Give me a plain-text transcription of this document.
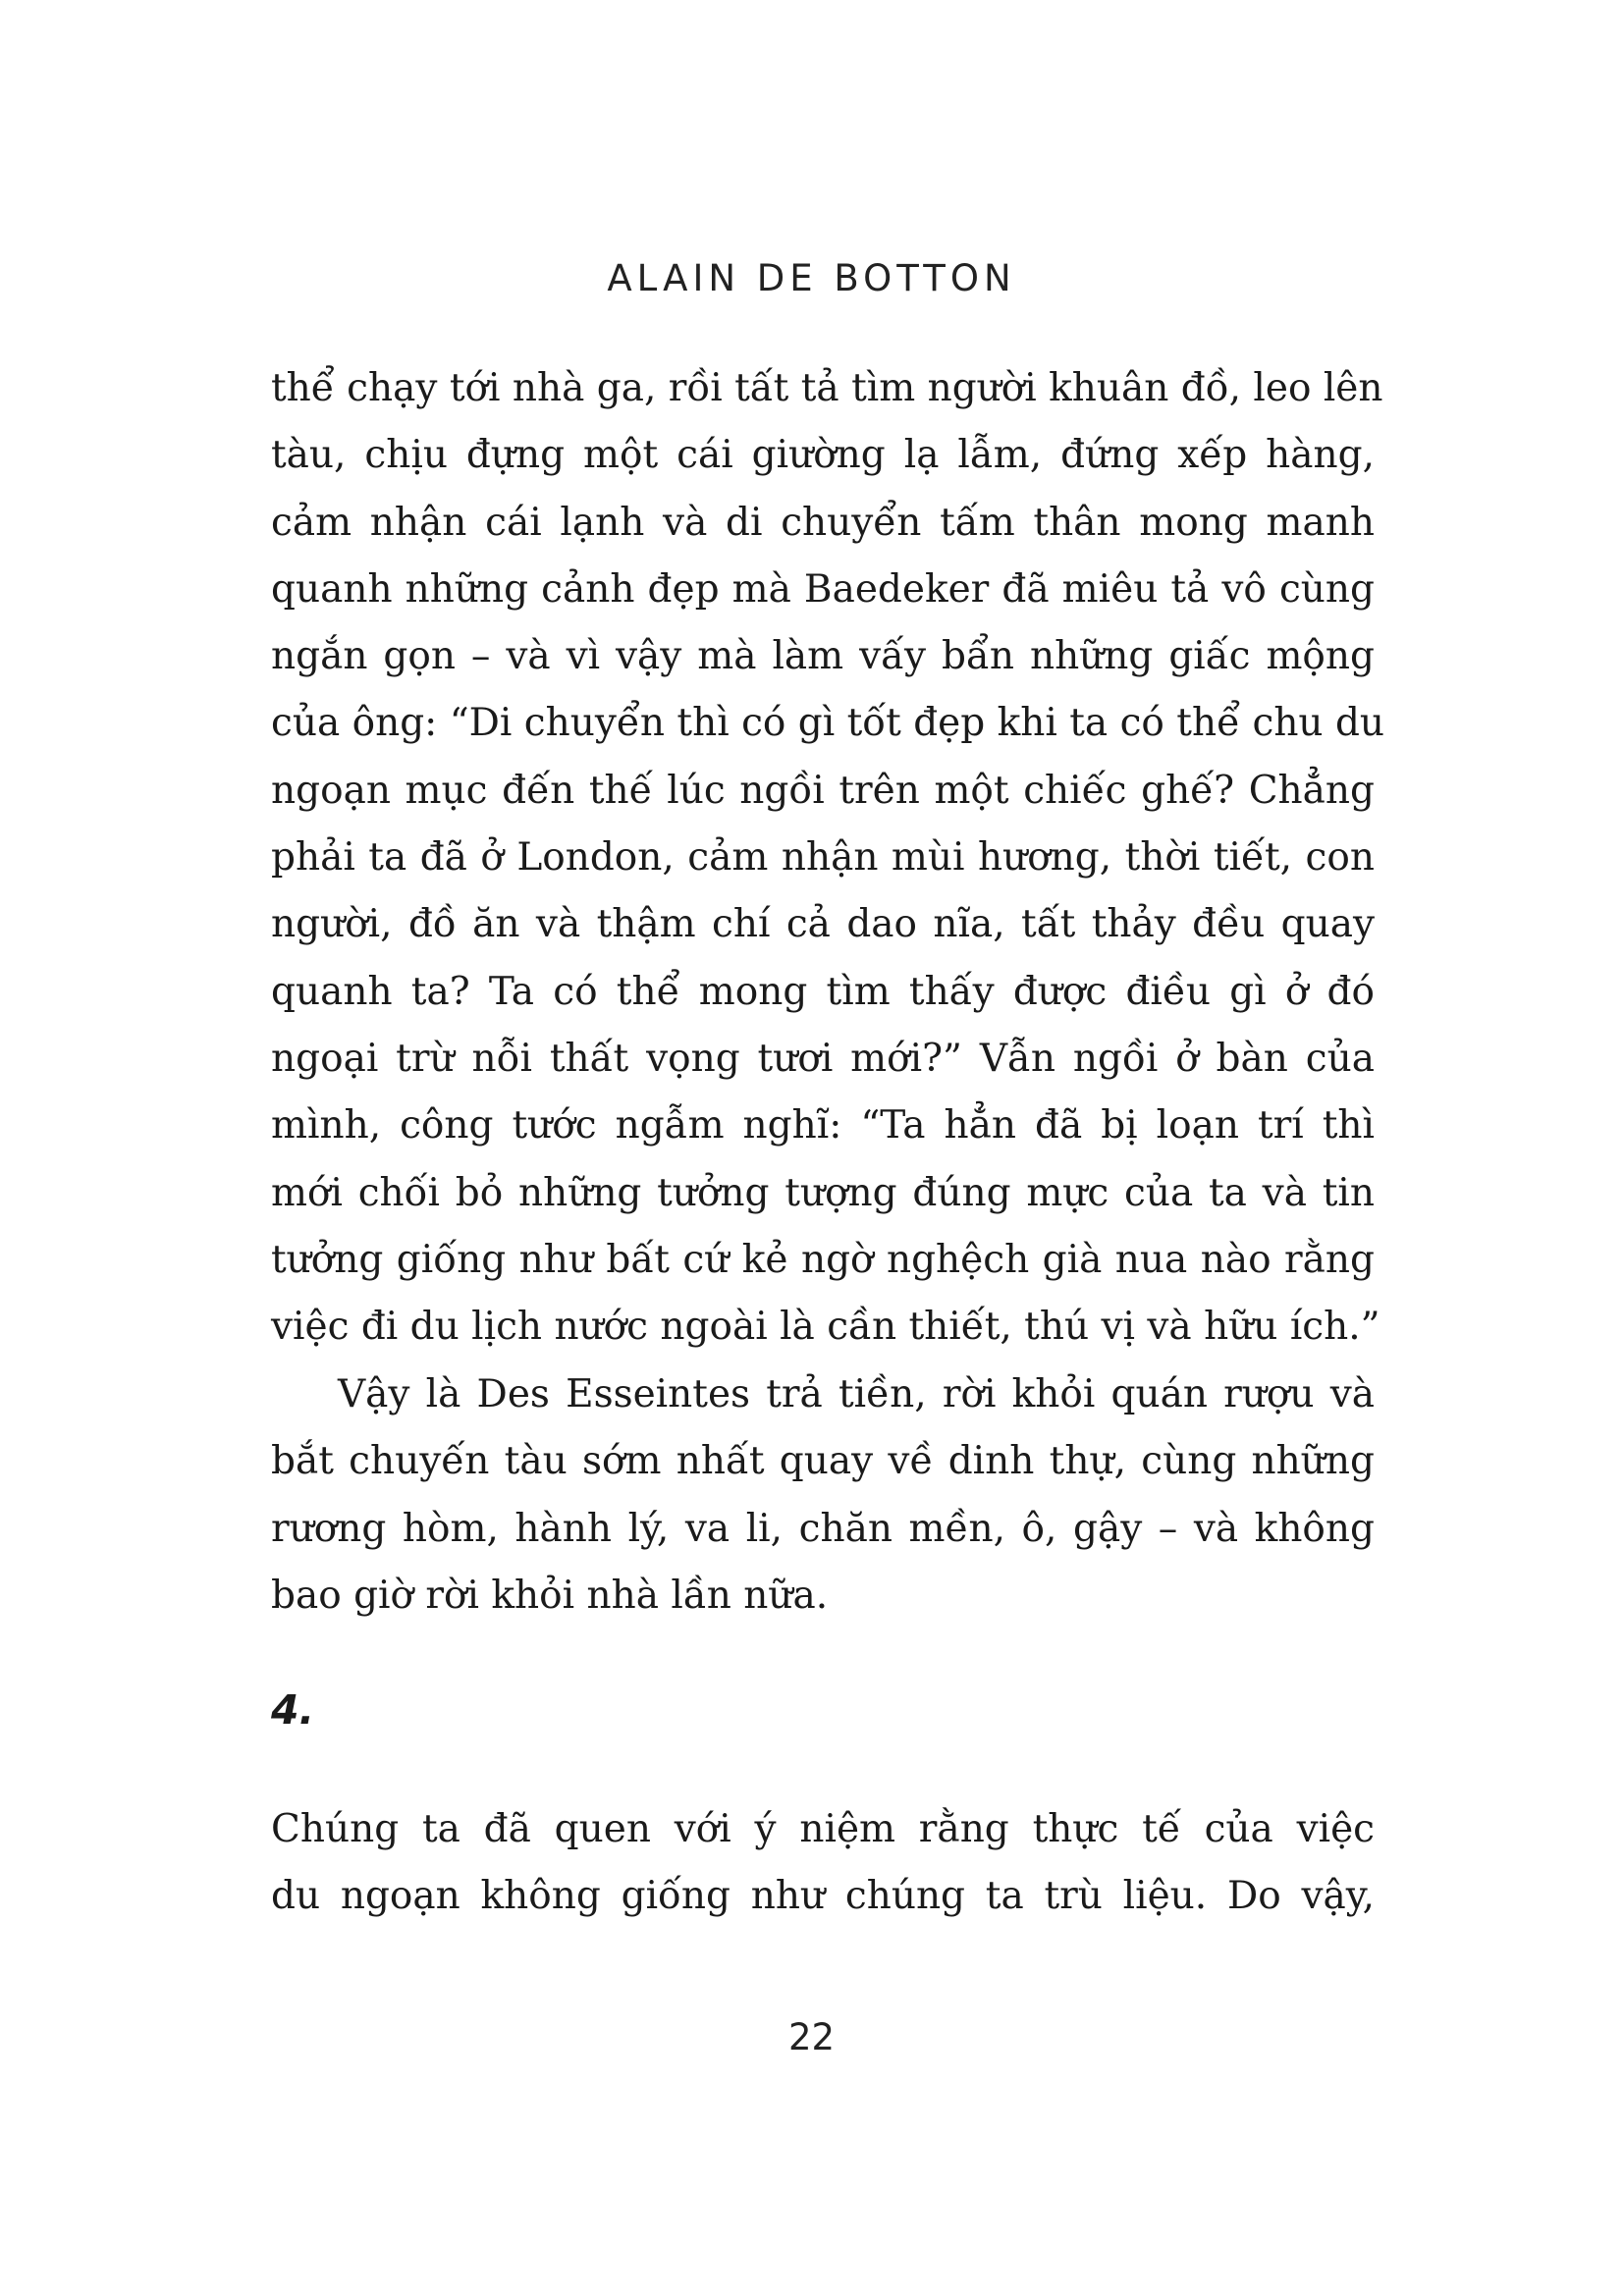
ALAIN DE BOTTON
thể chạy tới nhà ga, rồi tất tả tìm người khuân đồ, leo lên
tàu, chịu đựng một cái giường lạ lẫm, đứng xếp hàng,
cảm nhận cái lạnh và di chuyển tấm thân mong manh
quanh những cảnh đẹp mà Baedeker đã miêu tả vô cùng
ngắn gọn – và vì vậy mà làm vấy bẩn những giấc mộng
của ông: “Di chuyển thì có gì tốt đẹp khi ta có thể chu du
ngoạn mục đến thế lúc ngồi trên một chiếc ghế? Chẳng
phải ta đã ở London, cảm nhận mùi hương, thời tiết, con
người, đồ ăn và thậm chí cả dao nĩa, tất thảy đều quay
quanh ta? Ta có thể mong tìm thấy được điều gì ở đó
ngoại trừ nỗi thất vọng tươi mới?” Vẫn ngồi ở bàn của
mình, công tước ngẫm nghĩ: “Ta hẳn đã bị loạn trí thì
mới chối bỏ những tưởng tượng đúng mực của ta và tin
tưởng giống như bất cứ kẻ ngờ nghệch già nua nào rằng
việc đi du lịch nước ngoài là cần thiết, thú vị và hữu ích.”
Vậy là Des Esseintes trả tiền, rời khỏi quán rượu và
bắt chuyến tàu sớm nhất quay về dinh thự, cùng những
rương hòm, hành lý, va li, chăn mền, ô, gậy – và không
bao giờ rời khỏi nhà lần nữa.
4.
Chúng ta đã quen với ý niệm rằng thực tế của việc
du ngoạn không giống như chúng ta trù liệu. Do vậy,
22
